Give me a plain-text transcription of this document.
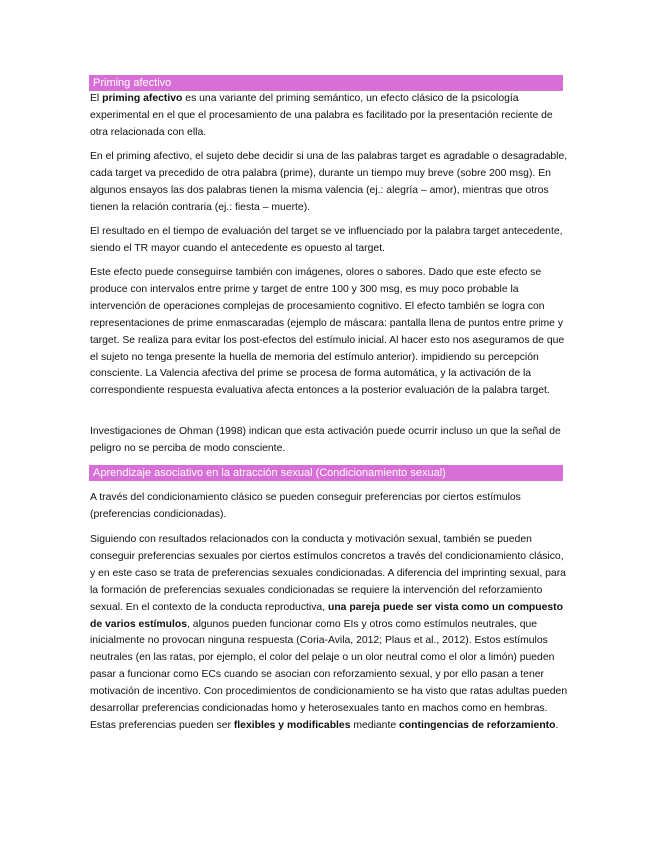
Priming afectivo

El priming afectivo es una variante del priming semántico, un efecto clásico de la psicología experimental en el que el procesamiento de una palabra es facilitado por la presentación reciente de otra relacionada con ella.

En el priming afectivo, el sujeto debe decidir si una de las palabras target es agradable o desagradable, cada target va precedido de otra palabra (prime), durante un tiempo muy breve (sobre 200 msg). En algunos ensayos las dos palabras tienen la misma valencia (ej.: alegría – amor), mientras que otros tienen la relación contraria (ej.: fiesta – muerte).

El resultado en el tiempo de evaluación del target se ve influenciado por la palabra target antecedente, siendo el TR mayor cuando el antecedente es opuesto al target.

Este efecto puede conseguirse también con imágenes, olores o sabores. Dado que este efecto se produce con intervalos entre prime y target de entre 100 y 300 msg, es muy poco probable la intervención de operaciones complejas de procesamiento cognitivo. El efecto también se logra con representaciones de prime enmascaradas (ejemplo de máscara: pantalla llena de puntos entre prime y target. Se realiza para evitar los post-efectos del estímulo inicial. Al hacer esto nos aseguramos de que el sujeto no tenga presente la huella de memoria del estímulo anterior). impidiendo su percepción consciente. La Valencia afectiva del prime se procesa de forma automática, y la activación de la correspondiente respuesta evaluativa afecta entonces a la posterior evaluación de la palabra target.

Investigaciones de Ohman (1998) indican que esta activación puede ocurrir incluso un que la señal de peligro no se perciba de modo consciente.

Aprendizaje asociativo en la atracción sexual (Condicionamiento sexual)

A través del condicionamiento clásico se pueden conseguir preferencias por ciertos estímulos (preferencias condicionadas).

Siguiendo con resultados relacionados con la conducta y motivación sexual, también se pueden conseguir preferencias sexuales por ciertos estímulos concretos a través del condicionamiento clásico, y en este caso se trata de preferencias sexuales condicionadas. A diferencia del imprinting sexual, para la formación de preferencias sexuales condicionadas se requiere la intervención del reforzamiento sexual. En el contexto de la conducta reproductiva, una pareja puede ser vista como un compuesto de varios estímulos, algunos pueden funcionar como EIs y otros como estímulos neutrales, que inicialmente no provocan ninguna respuesta (Coria-Avila, 2012; Plaus et al., 2012). Estos estímulos neutrales (en las ratas, por ejemplo, el color del pelaje o un olor neutral como el olor a limón) pueden pasar a funcionar como ECs cuando se asocian con reforzamiento sexual, y por ello pasan a tener motivación de incentivo. Con procedimientos de condicionamiento se ha visto que ratas adultas pueden desarrollar preferencias condicionadas homo y heterosexuales tanto en machos como en hembras. Estas preferencias pueden ser flexibles y modificables mediante contingencias de reforzamiento.
